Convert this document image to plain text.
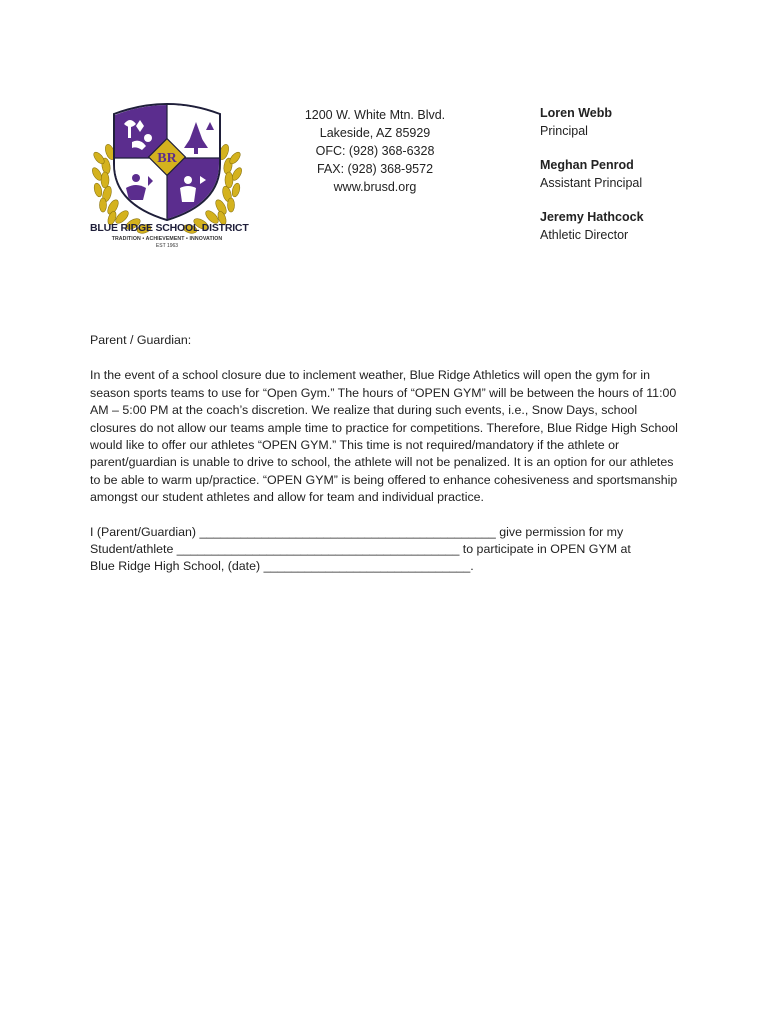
BR
BLUE RIDGE SCHOOL DISTRICT
TRADITION • ACHIEVEMENT • INNOVATION
EST 1963
1200 W. White Mtn. Blvd.
Lakeside, AZ 85929
OFC: (928) 368-6328
FAX: (928) 368-9572
www.brusd.org
Loren Webb
Principal
Meghan Penrod
Assistant Principal
Jeremy Hathcock
Athletic Director

Parent / Guardian:

In the event of a school closure due to inclement weather, Blue Ridge Athletics will open the gym for in season sports teams to use for “Open Gym.” The hours of “OPEN GYM” will be between the hours of 11:00 AM – 5:00 PM at the coach’s discretion. We realize that during such events, i.e., Snow Days, school closures do not allow our teams ample time to practice for competitions. Therefore, Blue Ridge High School would like to offer our athletes “OPEN GYM.” This time is not required/mandatory if the athlete or parent/guardian is unable to drive to school, the athlete will not be penalized. It is an option for our athletes to be able to warm up/practice. “OPEN GYM” is being offered to enhance cohesiveness and sportsmanship amongst our student athletes and allow for team and individual practice.

I (Parent/Guardian) ___________________________________________ give permission for my
Student/athlete _________________________________________ to participate in OPEN GYM at
Blue Ridge High School, (date) ______________________________.
